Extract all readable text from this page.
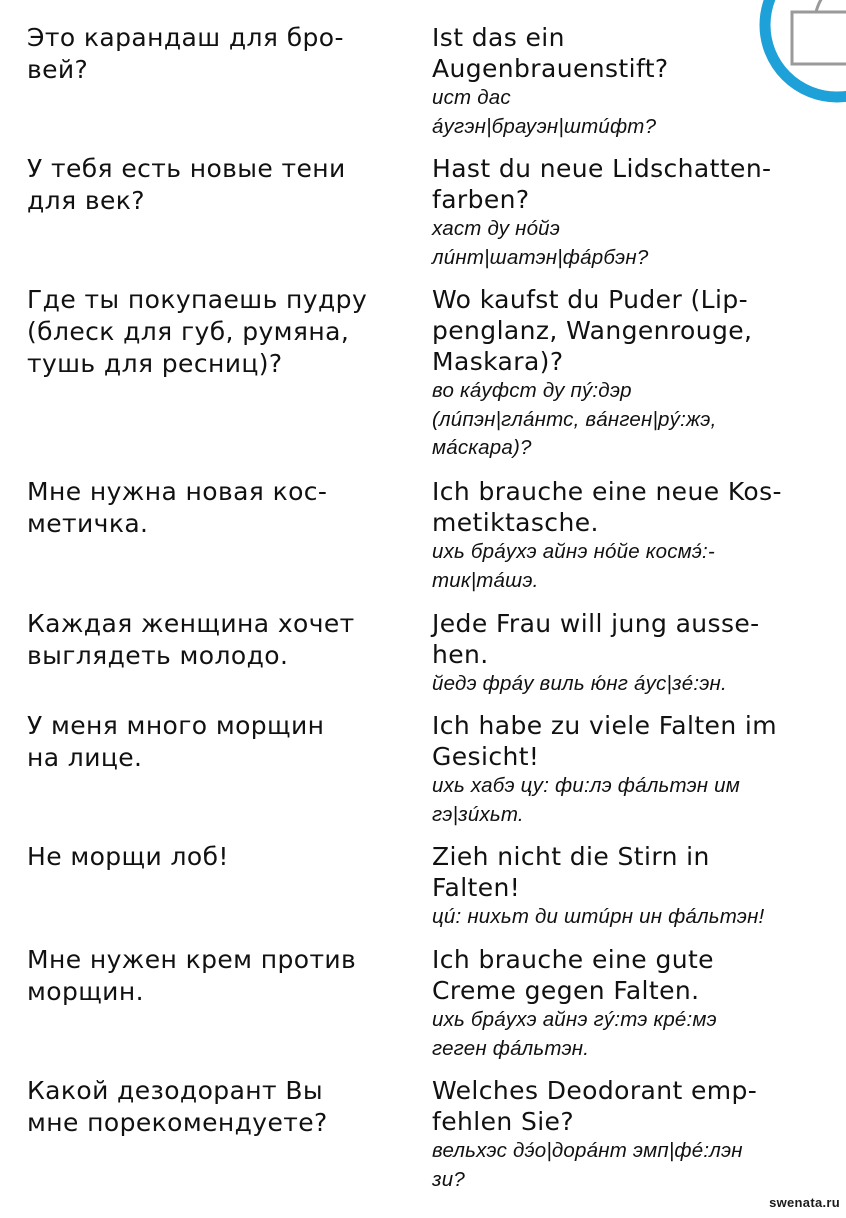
Это карандаш для бро-
вей?
Ist das ein
Augenbrauenstift?
ист дас
áугэн|брауэн|штúфт?
У тебя есть новые тени
для век?
Hast du neue Lidschatten-
farben?
хаст ду нóйэ
лúнт|шатэн|фáрбэн?
Где ты покупаешь пудру
(блеск для губ, румяна,
тушь для ресниц)?
Wo kaufst du Puder (Lip-
penglanz, Wangenrouge,
Maskara)?
во кáуфст ду пý:дэр
(лúпэн|глáнтс, вáнген|рý:жэ,
мáскара)?
Мне нужна новая кос-
метичка.
Ich brauche eine neue Kos-
metiktasche.
ихь брáухэ айнэ нóйе космэ́:-
тик|тáшэ.
Каждая женщина хочет
выглядеть молодо.
Jede Frau will jung ausse-
hen.
йедэ фрáу виль ю́нг áус|зé:эн.
У меня много морщин
на лице.
Ich habe zu viele Falten im
Gesicht!
ихь хабэ цу: фи:лэ фáльтэн им
гэ|зúхьт.
Не морщи лоб!	Zieh nicht die Stirn in
Falten!
цú: нихьт ди штúрн ин фáльтэн!
Мне нужен крем против
морщин.
Ich brauche eine gute
Creme gegen Falten.
ихь брáухэ айнэ гý:тэ крé:мэ
геген фáльтэн.
Какой дезодорант Вы
мне порекомендуете?
Welches Deodorant emp-
fehlen Sie?
вельхэс дэ́о|дорáнт эмп|фé:лэн
зи?
swenata.ru
